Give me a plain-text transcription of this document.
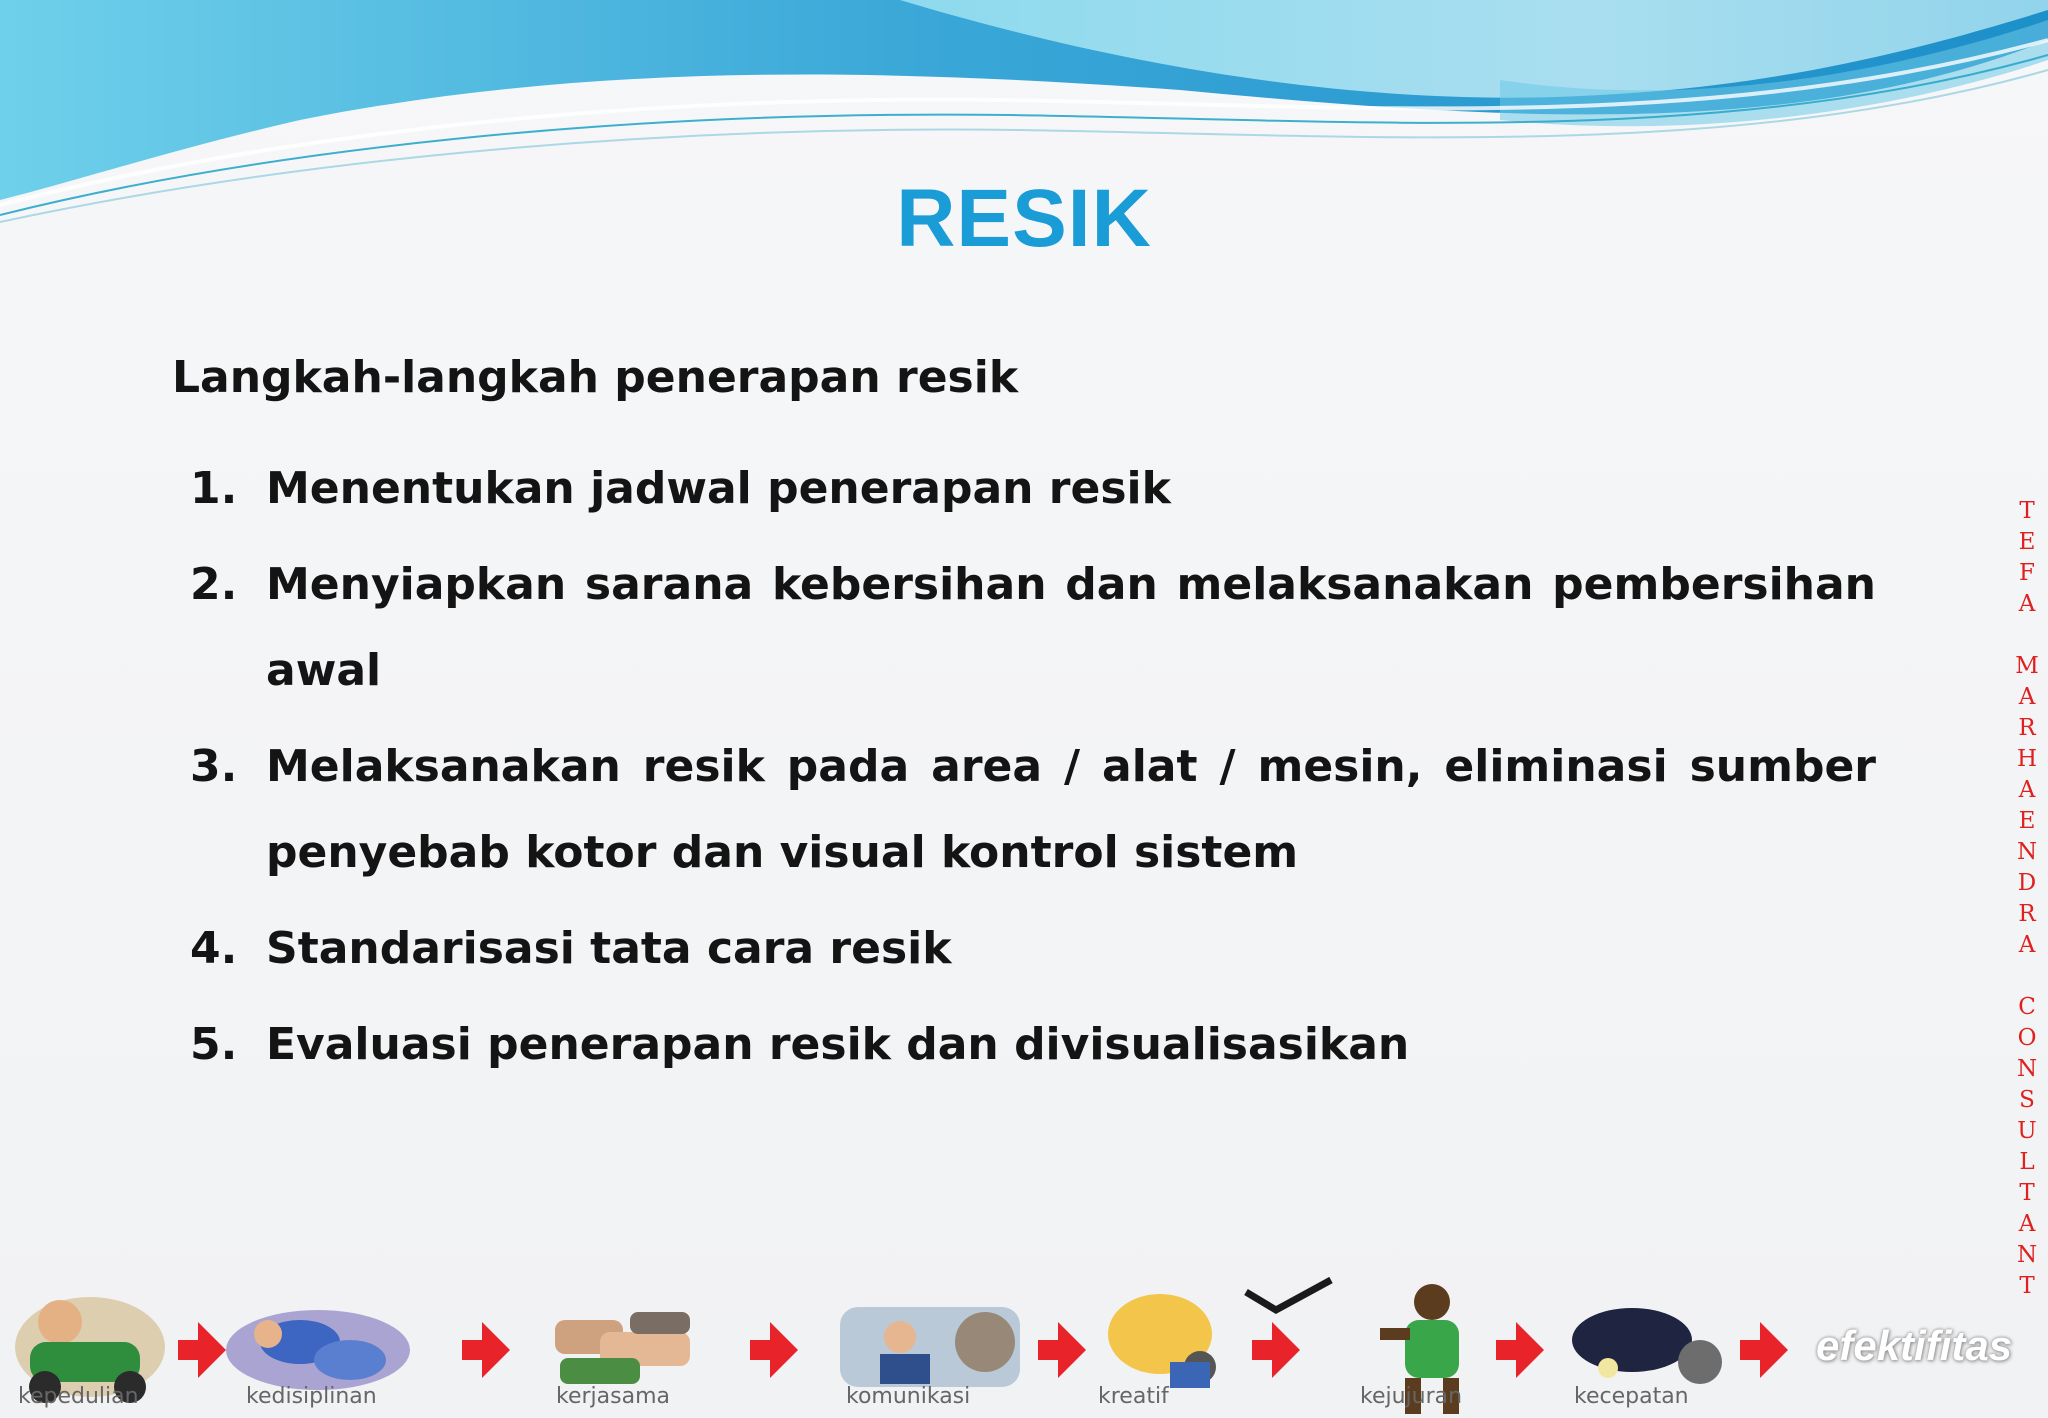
RESIK
Langkah-langkah penerapan resik
1. Menentukan jadwal penerapan resik
2. Menyiapkan sarana kebersihan dan melaksanakan pembersihan awal
3. Melaksanakan resik pada area / alat / mesin, eliminasi sumber penyebab kotor dan visual kontrol sistem
4. Standarisasi tata cara resik
5. Evaluasi penerapan resik dan divisualisasikan
T
E
F
A

M
A
R
H
A
E
N
D
R
A

C
O
N
S
U
L
T
A
N
T
efektifitas
kepedulian	kedisiplinan	kerjasama	komunikasi	kreatif	kejujuran	kecepatan
